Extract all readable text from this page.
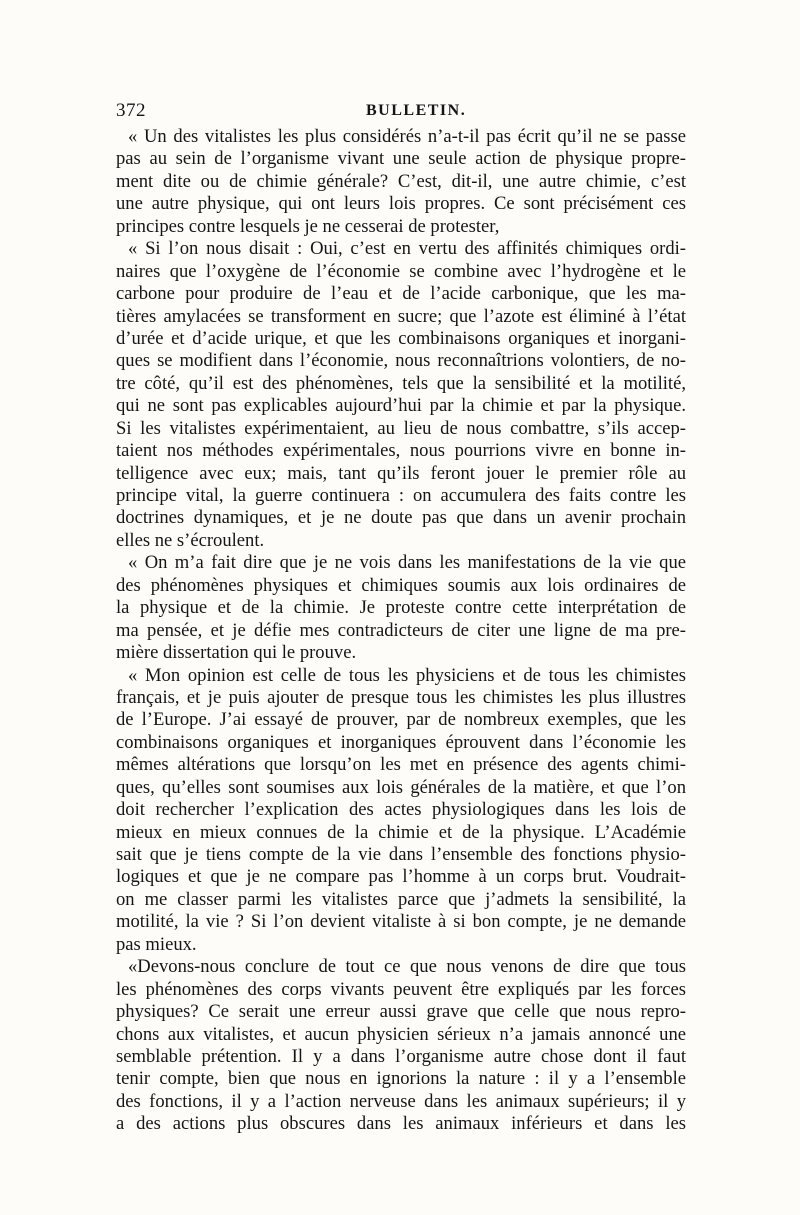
372	BULLETIN.
« Un des vitalistes les plus considérés n’a-t-il pas écrit qu’il ne se passe
pas au sein de l’organisme vivant une seule action de physique propre-
ment dite ou de chimie générale? C’est, dit-il, une autre chimie, c’est
une autre physique, qui ont leurs lois propres. Ce sont précisément ces
principes contre lesquels je ne cesserai de protester,
« Si l’on nous disait : Oui, c’est en vertu des affinités chimiques ordi-
naires que l’oxygène de l’économie se combine avec l’hydrogène et le
carbone pour produire de l’eau et de l’acide carbonique, que les ma-
tières amylacées se transforment en sucre; que l’azote est éliminé à l’état
d’urée et d’acide urique, et que les combinaisons organiques et inorgani-
ques se modifient dans l’économie, nous reconnaîtrions volontiers, de no-
tre côté, qu’il est des phénomènes, tels que la sensibilité et la motilité,
qui ne sont pas explicables aujourd’hui par la chimie et par la physique.
Si les vitalistes expérimentaient, au lieu de nous combattre, s’ils accep-
taient nos méthodes expérimentales, nous pourrions vivre en bonne in-
telligence avec eux; mais, tant qu’ils feront jouer le premier rôle au
principe vital, la guerre continuera : on accumulera des faits contre les
doctrines dynamiques, et je ne doute pas que dans un avenir prochain
elles ne s’écroulent.
« On m’a fait dire que je ne vois dans les manifestations de la vie que
des phénomènes physiques et chimiques soumis aux lois ordinaires de
la physique et de la chimie. Je proteste contre cette interprétation de
ma pensée, et je défie mes contradicteurs de citer une ligne de ma pre-
mière dissertation qui le prouve.
« Mon opinion est celle de tous les physiciens et de tous les chimistes
français, et je puis ajouter de presque tous les chimistes les plus illustres
de l’Europe. J’ai essayé de prouver, par de nombreux exemples, que les
combinaisons organiques et inorganiques éprouvent dans l’économie les
mêmes altérations que lorsqu’on les met en présence des agents chimi-
ques, qu’elles sont soumises aux lois générales de la matière, et que l’on
doit rechercher l’explication des actes physiologiques dans les lois de
mieux en mieux connues de la chimie et de la physique. L’Académie
sait que je tiens compte de la vie dans l’ensemble des fonctions physio-
logiques et que je ne compare pas l’homme à un corps brut. Voudrait-
on me classer parmi les vitalistes parce que j’admets la sensibilité, la
motilité, la vie ? Si l’on devient vitaliste à si bon compte, je ne demande
pas mieux.
«Devons-nous conclure de tout ce que nous venons de dire que tous
les phénomènes des corps vivants peuvent être expliqués par les forces
physiques? Ce serait une erreur aussi grave que celle que nous repro-
chons aux vitalistes, et aucun physicien sérieux n’a jamais annoncé une
semblable prétention. Il y a dans l’organisme autre chose dont il faut
tenir compte, bien que nous en ignorions la nature : il y a l’ensemble
des fonctions, il y a l’action nerveuse dans les animaux supérieurs; il y
a des actions plus obscures dans les animaux inférieurs et dans les
